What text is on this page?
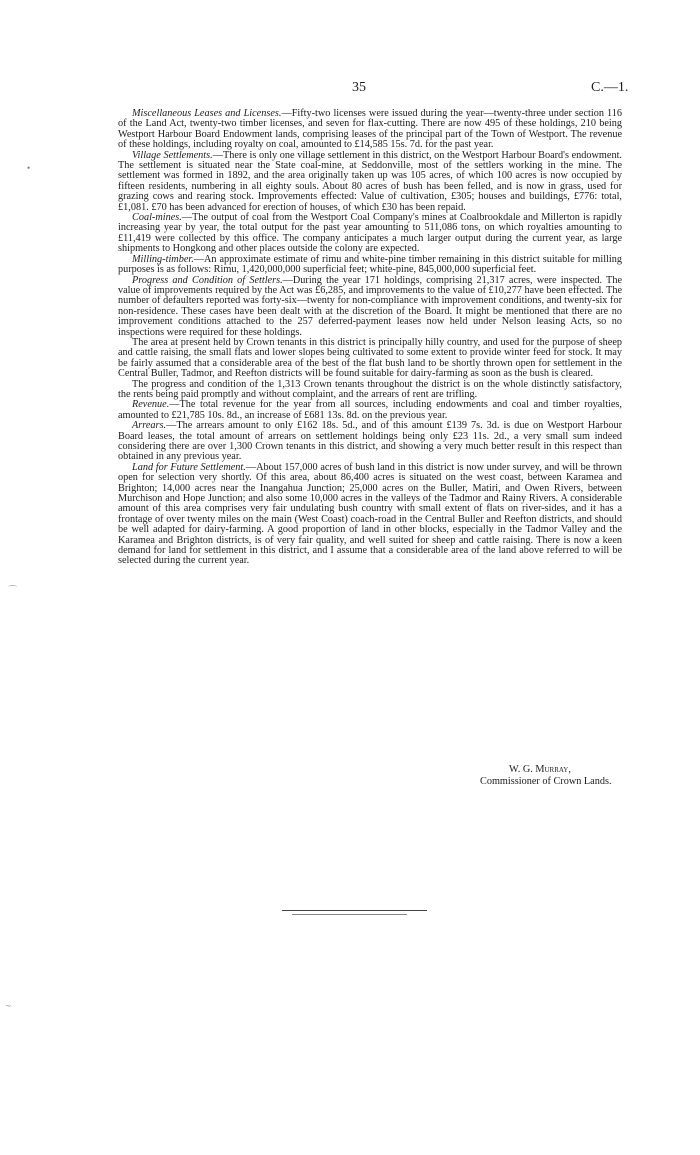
35	C.—1.

Miscellaneous Leases and Licenses.—Fifty-two licenses were issued during the year—twenty-three under section 116 of the Land Act, twenty-two timber licenses, and seven for flax-cutting. There are now 495 of these holdings, 210 being Westport Harbour Board Endowment lands, comprising leases of the principal part of the Town of Westport. The revenue of these holdings, including royalty on coal, amounted to £14,585 15s. 7d. for the past year.

Village Settlements.—There is only one village settlement in this district, on the Westport Harbour Board's endowment. The settlement is situated near the State coal-mine, at Seddonville, most of the settlers working in the mine. The settlement was formed in 1892, and the area originally taken up was 105 acres, of which 100 acres is now occupied by fifteen residents, numbering in all eighty souls. About 80 acres of bush has been felled, and is now in grass, used for grazing cows and rearing stock. Improvements effected: Value of cultivation, £305; houses and buildings, £776: total, £1,081. £70 has been advanced for erection of houses, of which £30 has been repaid.

Coal-mines.—The output of coal from the Westport Coal Company's mines at Coalbrookdale and Millerton is rapidly increasing year by year, the total output for the past year amounting to 511,086 tons, on which royalties amounting to £11,419 were collected by this office. The company anticipates a much larger output during the current year, as large shipments to Hongkong and other places outside the colony are expected.

Milling-timber.—An approximate estimate of rimu and white-pine timber remaining in this district suitable for milling purposes is as follows: Rimu, 1,420,000,000 superficial feet; white-pine, 845,000,000 superficial feet.

Progress and Condition of Settlers.—During the year 171 holdings, comprising 21,317 acres, were inspected. The value of improvements required by the Act was £6,285, and improvements to the value of £10,277 have been effected. The number of defaulters reported was forty-six—twenty for non-compliance with improvement conditions, and twenty-six for non-residence. These cases have been dealt with at the discretion of the Board. It might be mentioned that there are no improvement conditions attached to the 257 deferred-payment leases now held under Nelson leasing Acts, so no inspections were required for these holdings.

The area at present held by Crown tenants in this district is principally hilly country, and used for the purpose of sheep and cattle raising, the small flats and lower slopes being cultivated to some extent to provide winter feed for stock. It may be fairly assumed that a considerable area of the best of the flat bush land to be shortly thrown open for settlement in the Central Buller, Tadmor, and Reefton districts will be found suitable for dairy-farming as soon as the bush is cleared.

The progress and condition of the 1,313 Crown tenants throughout the district is on the whole distinctly satisfactory, the rents being paid promptly and without complaint, and the arrears of rent are trifling.

Revenue.—The total revenue for the year from all sources, including endowments and coal and timber royalties, amounted to £21,785 10s. 8d., an increase of £681 13s. 8d. on the previous year.

Arrears.—The arrears amount to only £162 18s. 5d., and of this amount £139 7s. 3d. is due on Westport Harbour Board leases, the total amount of arrears on settlement holdings being only £23 11s. 2d., a very small sum indeed considering there are over 1,300 Crown tenants in this district, and showing a very much better result in this respect than obtained in any previous year.

Land for Future Settlement.—About 157,000 acres of bush land in this district is now under survey, and will be thrown open for selection very shortly. Of this area, about 86,400 acres is situated on the west coast, between Karamea and Brighton; 14,000 acres near the Inangahua Junction; 25,000 acres on the Buller, Matiri, and Owen Rivers, between Murchison and Hope Junction; and also some 10,000 acres in the valleys of the Tadmor and Rainy Rivers. A considerable amount of this area comprises very fair undulating bush country with small extent of flats on river-sides, and it has a frontage of over twenty miles on the main (West Coast) coach-road in the Central Buller and Reefton districts, and should be well adapted for dairy-farming. A good proportion of land in other blocks, especially in the Tadmor Valley and the Karamea and Brighton districts, is of very fair quality, and well suited for sheep and cattle raising. There is now a keen demand for land for settlement in this district, and I assume that a considerable area of the land above referred to will be selected during the current year.

W. G. Murray,
Commissioner of Crown Lands.
•
⌒
~
